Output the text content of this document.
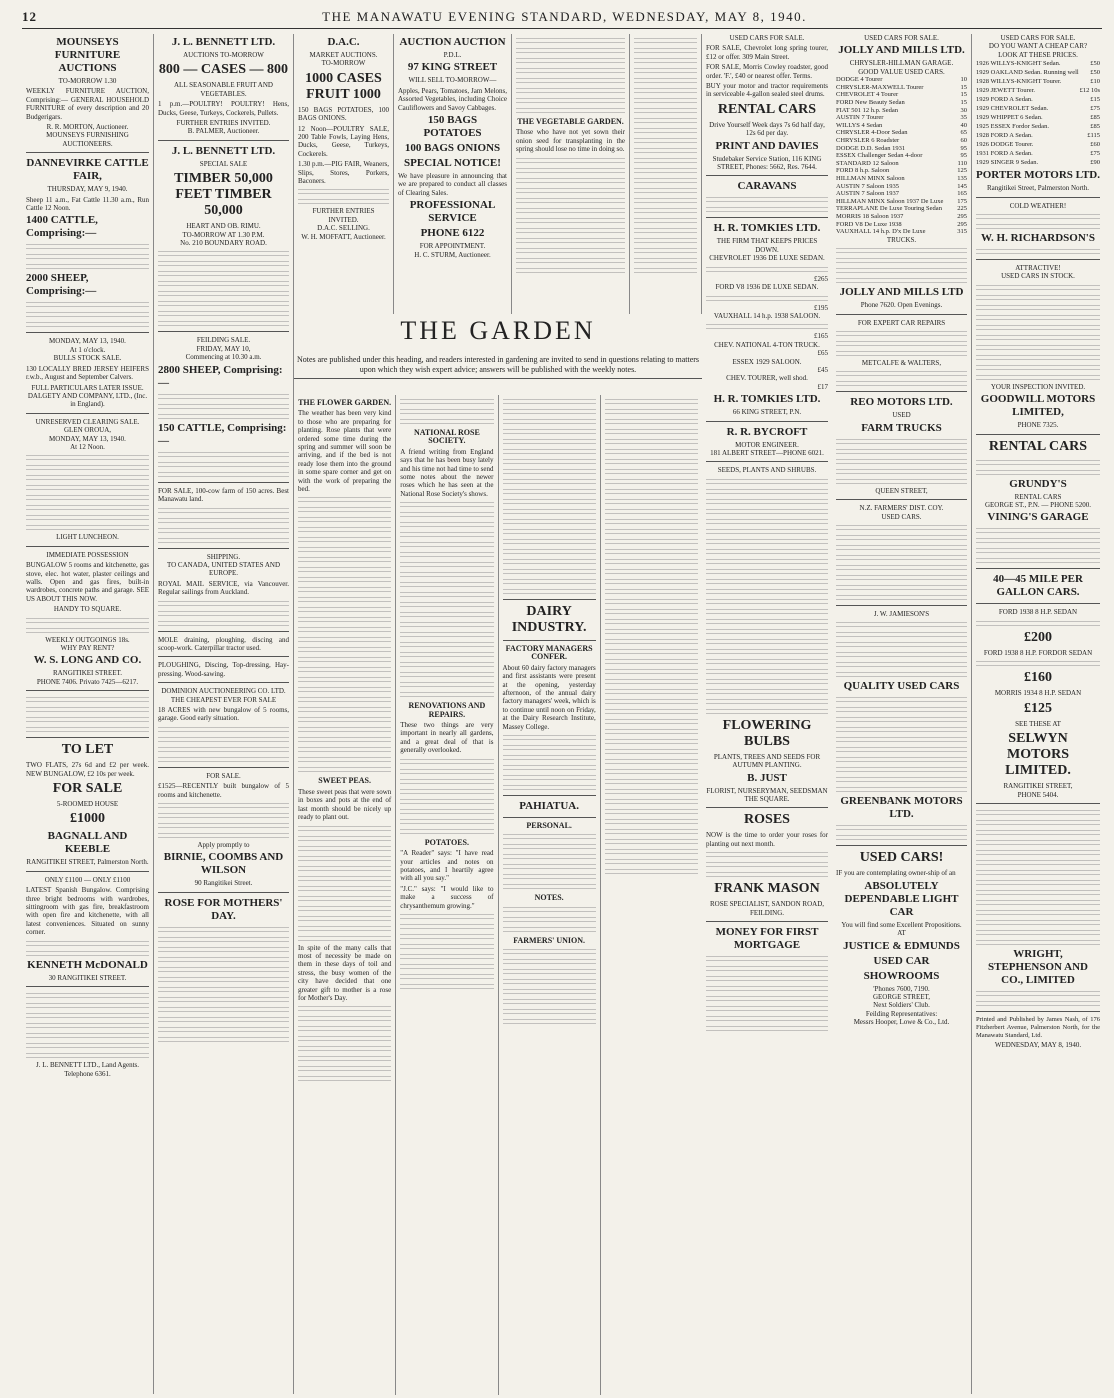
12	THE MANAWATU EVENING STANDARD, WEDNESDAY, MAY 8, 1940.
MOUNSEYS FURNITURE AUCTIONS
TO-MORROW 1.30
WEEKLY FURNITURE AUCTION, Comprising:— GENERAL HOUSEHOLD FURNITURE of every description and 20 Budgerigars.
R. R. MORTON, Auctioneer.
MOUNSEYS FURNISHING AUCTIONEERS.
DANNEVIRKE CATTLE FAIR,
THURSDAY, MAY 9, 1940.
Sheep 11 a.m., Fat Cattle 11.30 a.m., Run Cattle 12 Noon.
1400 CATTLE, Comprising:—
2000 SHEEP, Comprising:—
MONDAY, MAY 13, 1940.
At 1 o'clock.
BULLS STOCK SALE.
130 LOCALLY BRED JERSEY HEIFERS r.w.b., August and September Calvers.
FULL PARTICULARS LATER ISSUE.
DALGETY AND COMPANY, LTD., (Inc. in England).
UNRESERVED CLEARING SALE.
GLEN OROUA,
MONDAY, MAY 13, 1940.
At 12 Noon.
LIGHT LUNCHEON.
IMMEDIATE POSSESSION
BUNGALOW 5 rooms and kitchenette, gas stove, elec. hot water, plaster ceilings and walls. Open and gas fires, built-in wardrobes, concrete paths and garage. SEE US ABOUT THIS NOW.
HANDY TO SQUARE.
WEEKLY OUTGOINGS 18s.
WHY PAY RENT?
W. S. LONG AND CO.
RANGITIKEI STREET.
PHONE 7406. Privato 7425—6217.
TO LET
TWO FLATS, 27s 6d and £2 per week. NEW BUNGALOW, £2 10s per week.
FOR SALE
5-ROOMED HOUSE
£1000
BAGNALL AND KEEBLE
RANGITIKEI STREET, Palmerston North.
ONLY £1100 — ONLY £1100
LATEST Spanish Bungalow. Comprising three bright bedrooms with wardrobes, sittingroom with gas fire, breakfastroom with open fire and kitchenette, with all latest conveniences. Situated on sunny corner.
KENNETH McDONALD
30 RANGITIKEI STREET.
J. L. BENNETT LTD., Land Agents. Telephone 6361.
J. L. BENNETT LTD.
AUCTIONS TO-MORROW
800 — CASES — 800
ALL SEASONABLE FRUIT AND VEGETABLES.
1 p.m.—POULTRY! POULTRY! Hens, Ducks, Geese, Turkeys, Cockerels, Pullets.
FURTHER ENTRIES INVITED.
B. PALMER, Auctioneer.
J. L. BENNETT LTD.
SPECIAL SALE
TIMBER 50,000 FEET TIMBER 50,000
HEART AND OB. RIMU.
TO-MORROW AT 1.30 P.M.
No. 210 BOUNDARY ROAD.
FEILDING SALE.
FRIDAY, MAY 10,
Commencing at 10.30 a.m.
2800 SHEEP, Comprising:—
150 CATTLE, Comprising:—
FOR SALE, 100-cow farm of 150 acres. Best Manawatu land.
SHIPPING.
TO CANADA, UNITED STATES AND EUROPE.
ROYAL MAIL SERVICE, via Vancouver. Regular sailings from Auckland.
MOLE draining, ploughing, discing and scoop-work. Caterpillar tractor used.
PLOUGHING, Discing, Top-dressing, Hay-pressing. Wood-sawing.
DOMINION AUCTIONEERING CO. LTD.
THE CHEAPEST EVER FOR SALE
18 ACRES with new bungalow of 5 rooms, garage. Good early situation.
FOR SALE.
£1525—RECENTLY built bungalow of 5 rooms and kitchenette.
Apply promptly to
BIRNIE, COOMBS AND WILSON
90 Rangitikei Street.
ROSE FOR MOTHERS' DAY.
D.A.C.
MARKET AUCTIONS.
TO-MORROW
1000 CASES FRUIT 1000
150 BAGS POTATOES, 100 BAGS ONIONS.
12 Noon—POULTRY SALE, 200 Table Fowls, Laying Hens, Ducks, Geese, Turkeys, Cockerels.
1.30 p.m.—PIG FAIR, Weaners, Slips, Stores, Porkers, Baconers.
FURTHER ENTRIES INVITED.
D.A.C. SELLING.
W. H. MOFFATT, Auctioneer.
AUCTION AUCTION
P.D.L.
97 KING STREET
WILL SELL TO-MORROW—
Apples, Pears, Tomatoes, Jam Melons, Assorted Vegetables, including Choice Cauliflowers and Savoy Cabbages.
150 BAGS POTATOES
100 BAGS ONIONS
SPECIAL NOTICE!
We have pleasure in announcing that we are prepared to conduct all classes of Clearing Sales.
PROFESSIONAL SERVICE
PHONE 6122
FOR APPOINTMENT.
H. C. STURM, Auctioneer.
THE VEGETABLE GARDEN.
Those who have not yet sown their onion seed for transplanting in the spring should lose no time in doing so.
THE GARDEN
Notes are published under this heading, and readers interested in gardening are invited to send in questions relating to matters upon which they wish expert advice; answers will be published with the weekly notes.
THE FLOWER GARDEN.
The weather has been very kind to those who are preparing for planting. Rose plants that were ordered some time during the spring and summer will soon be arriving, and if the bed is not ready lose them into the ground in some spare corner and get on with the work of preparing the bed.
SWEET PEAS.
These sweet peas that were sown in boxes and pots at the end of last month should be nicely up ready to plant out.
In spite of the many calls that most of necessity be made on them in these days of toil and stress, the busy women of the city have decided that one greater gift to mother is a rose for Mother's Day.
NATIONAL ROSE SOCIETY.
A friend writing from England says that he has been busy lately and his time not had time to send some notes about the newer roses which he has seen at the National Rose Society's shows.
RENOVATIONS AND REPAIRS.
These two things are very important in nearly all gardens, and a great deal of that is generally overlooked.
POTATOES.
"A Reader" says: "I have read your articles and notes on potatoes, and I heartily agree with all you say."
"J.C." says: "I would like to make a success of chrysanthemum growing."
DAIRY INDUSTRY.
FACTORY MANAGERS CONFER.
About 60 dairy factory managers and first assistants were present at the opening, yesterday afternoon, of the annual dairy factory managers' week, which is to continue until noon on Friday, at the Dairy Research Institute, Massey College.
PAHIATUA.
PERSONAL.
NOTES.
FARMERS' UNION.
USED CARS FOR SALE.
FOR SALE, Chevrolet long spring tourer, £12 or offer. 309 Main Street.
FOR SALE, Morris Cowley roadster, good order. 'F.', £40 or nearest offer. Terms.
BUY your motor and tractor requirements in serviceable 4-gallon sealed steel drums.
RENTAL CARS
Drive Yourself Week days 7s 6d half day, 12s 6d per day.
PRINT AND DAVIES
Studebaker Service Station, 116 KING STREET, Phones: 5662, Res. 7644.
CARAVANS
H. R. TOMKIES LTD.
THE FIRM THAT KEEPS PRICES DOWN.
CHEVROLET 1936 DE LUXE SEDAN.
£265
FORD V8 1936 DE LUXE SEDAN.
£195
VAUXHALL 14 h.p. 1938 SALOON.
£165
CHEV. NATIONAL 4-TON TRUCK.
£65
ESSEX 1929 SALOON.
£45
CHEV. TOURER, well shod.
£17
H. R. TOMKIES LTD.
66 KING STREET, P.N.
R. R. BYCROFT
MOTOR ENGINEER.
181 ALBERT STREET—PHONE 6021.
SEEDS, PLANTS AND SHRUBS.
FLOWERING BULBS
PLANTS, TREES AND SEEDS FOR AUTUMN PLANTING.
B. JUST
FLORIST, NURSERYMAN, SEEDSMAN
THE SQUARE.
ROSES
NOW is the time to order your roses for planting out next month.
FRANK MASON
ROSE SPECIALIST, SANDON ROAD, FEILDING.
MONEY FOR FIRST MORTGAGE
USED CARS FOR SALE.
JOLLY AND MILLS LTD.
CHRYSLER-HILLMAN GARAGE.
GOOD VALUE USED CARS.
DODGE 4 Tourer	10
CHRYSLER-MAXWELL Tourer	15
CHEVROLET 4 Tourer	15
FORD New Beauty Sedan	15
FIAT 501 12 h.p. Sedan	30
AUSTIN 7 Tourer	35
WILLYS 4 Sedan	40
CHRYSLER 4-Door Sedan	65
CHRYSLER 6 Roadster	60
DODGE D.D. Sedan 1931	95
ESSEX Challenger Sedan 4-door	95
STANDARD 12 Saloon	110
FORD 8 h.p. Saloon	125
HILLMAN MINX Saloon	135
AUSTIN 7 Saloon 1935	145
AUSTIN 7 Saloon 1937	165
HILLMAN MINX Saloon 1937 De Luxe 175
TERRAPLANE De Luxe Touring Sedan 225
MORRIS 18 Saloon 1937	295
FORD V8 De Luxe 1938	295
VAUXHALL 14 h.p. D'x De Luxe	315
TRUCKS.
JOLLY AND MILLS LTD
Phone 7620. Open Evenings.
FOR EXPERT CAR REPAIRS
METCALFE & WALTERS,
REO MOTORS LTD.
USED
FARM TRUCKS
QUEEN STREET,
N.Z. FARMERS' DIST. COY.
USED CARS.
J. W. JAMIESON'S
QUALITY USED CARS
GREENBANK MOTORS LTD.
USED CARS!
IF you are contemplating owner-ship of an
ABSOLUTELY DEPENDABLE LIGHT CAR
You will find some Excellent Propositions.
AT
JUSTICE & EDMUNDS
USED CAR
SHOWROOMS
'Phones 7600, 7190.
GEORGE STREET,
Next Soldiers' Club.
Feilding Representatives:
Messrs Hooper, Lowe & Co., Ltd.
USED CARS FOR SALE.
DO YOU WANT A CHEAP CAR?
LOOK AT THESE PRICES.
1926 WILLYS-KNIGHT Sedan.	£50
1929 OAKLAND Sedan. Running well £50
1928 WILLYS-KNIGHT Tourer.	£10
1929 JEWETT Tourer.	£12 10s
1929 FORD A Sedan.	£15
1929 CHEVROLET Sedan.	£75
1929 WHIPPET 6 Sedan.	£85
1925 ESSEX Fordor Sedan.	£85
1928 FORD A Sedan.	£115
1926 DODGE Tourer.	£60
1931 FORD A Sedan.	£75
1929 SINGER 9 Sedan.	£90
PORTER MOTORS LTD.
Rangitikei Street, Palmerston North.
COLD WEATHER!
W. H. RICHARDSON'S
ATTRACTIVE!
USED CARS IN STOCK.
YOUR INSPECTION INVITED.
GOODWILL MOTORS LIMITED,
PHONE 7325.
RENTAL CARS
GRUNDY'S
RENTAL CARS
GEORGE ST., P.N. — PHONE 5200.
VINING'S GARAGE
40—45 MILE PER GALLON CARS.
FORD 1938 8 H.P. SEDAN
£200
FORD 1938 8 H.P. FORDOR SEDAN
£160
MORRIS 1934 8 H.P. SEDAN
£125
SEE THESE AT
SELWYN MOTORS LIMITED.
RANGITIKEI STREET,
PHONE 5404.
WRIGHT, STEPHENSON AND CO., LIMITED
Printed and Published by James Nash, of 176 Fitzherbert Avenue, Palmerston North, for the Manawatu Standard, Ltd.
WEDNESDAY, MAY 8, 1940.
